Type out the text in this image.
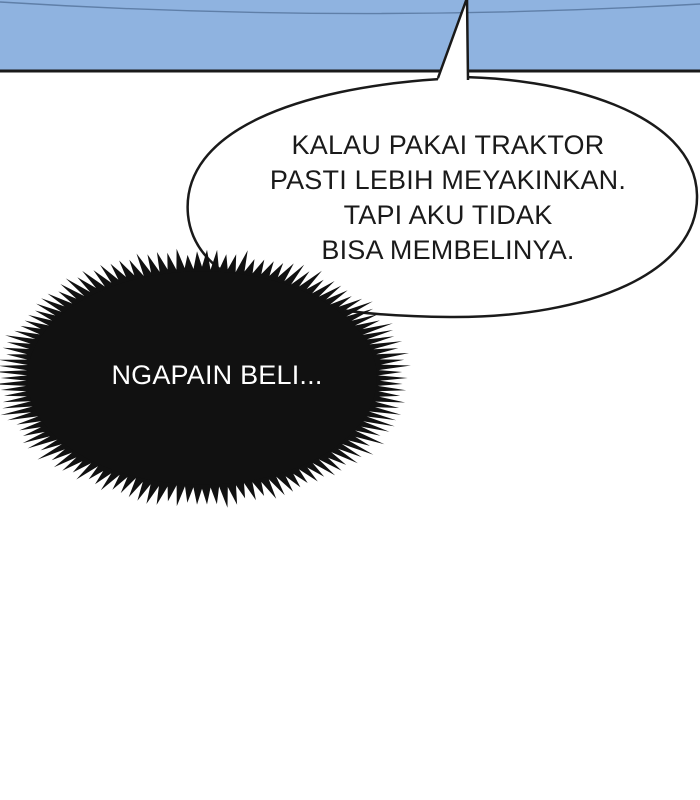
KALAU PAKAI TRAKTOR
PASTI LEBIH MEYAKINKAN.
TAPI AKU TIDAK
BISA MEMBELINYA.
NGAPAIN BELI...
